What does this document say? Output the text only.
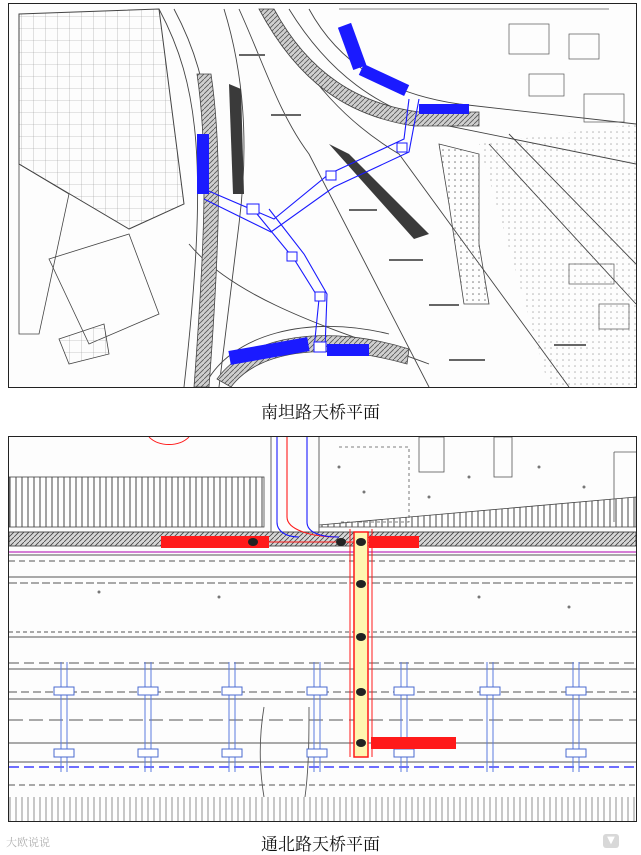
南坦路天桥平面
通北路天桥平面
大欧说说	▼
